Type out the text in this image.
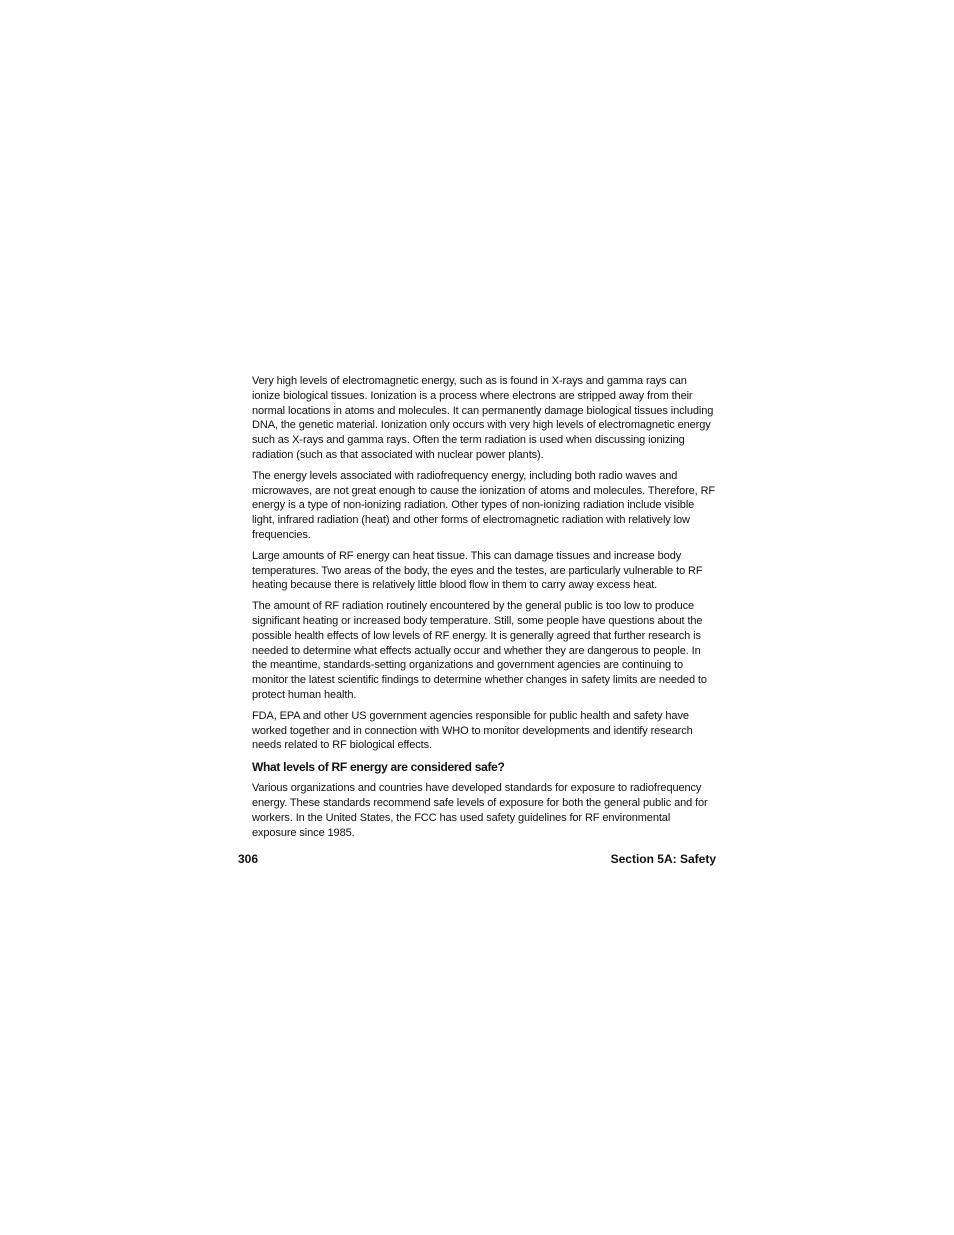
Very high levels of electromagnetic energy, such as is found in X-rays and gamma rays can ionize biological tissues. Ionization is a process where electrons are stripped away from their normal locations in atoms and molecules. It can permanently damage biological tissues including DNA, the genetic material. Ionization only occurs with very high levels of electromagnetic energy such as X-rays and gamma rays. Often the term radiation is used when discussing ionizing radiation (such as that associated with nuclear power plants).

The energy levels associated with radiofrequency energy, including both radio waves and microwaves, are not great enough to cause the ionization of atoms and molecules. Therefore, RF energy is a type of non-ionizing radiation. Other types of non-ionizing radiation include visible light, infrared radiation (heat) and other forms of electromagnetic radiation with relatively low frequencies.

Large amounts of RF energy can heat tissue. This can damage tissues and increase body temperatures. Two areas of the body, the eyes and the testes, are particularly vulnerable to RF heating because there is relatively little blood flow in them to carry away excess heat.

The amount of RF radiation routinely encountered by the general public is too low to produce significant heating or increased body temperature. Still, some people have questions about the possible health effects of low levels of RF energy. It is generally agreed that further research is needed to determine what effects actually occur and whether they are dangerous to people. In the meantime, standards-setting organizations and government agencies are continuing to monitor the latest scientific findings to determine whether changes in safety limits are needed to protect human health.

FDA, EPA and other US government agencies responsible for public health and safety have worked together and in connection with WHO to monitor developments and identify research needs related to RF biological effects.

What levels of RF energy are considered safe?

Various organizations and countries have developed standards for exposure to radiofrequency energy. These standards recommend safe levels of exposure for both the general public and for workers. In the United States, the FCC has used safety guidelines for RF environmental exposure since 1985.

306	Section 5A: Safety
